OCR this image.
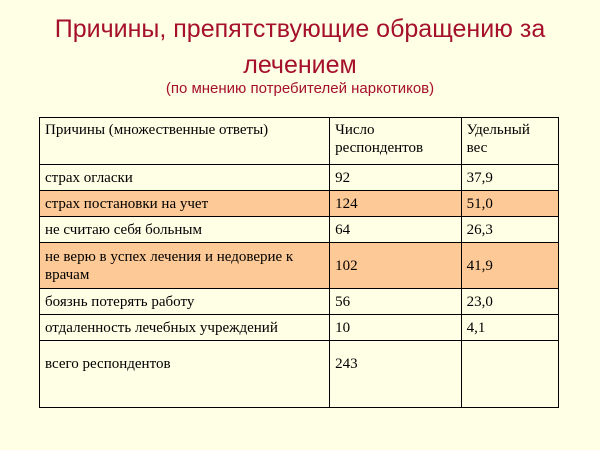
Причины, препятствующие обращению за
лечением
(по мнению потребителей наркотиков)
Причины (множественные ответы)	Число респондентов	Удельный вес
страх огласки	92	37,9
страх постановки на учет	124	51,0
не считаю себя больным	64	26,3
не верю в успех лечения и недоверие к врачам	102	41,9
боязнь потерять работу	56	23,0
отдаленность лечебных учреждений	10	4,1
всего респондентов	243	
